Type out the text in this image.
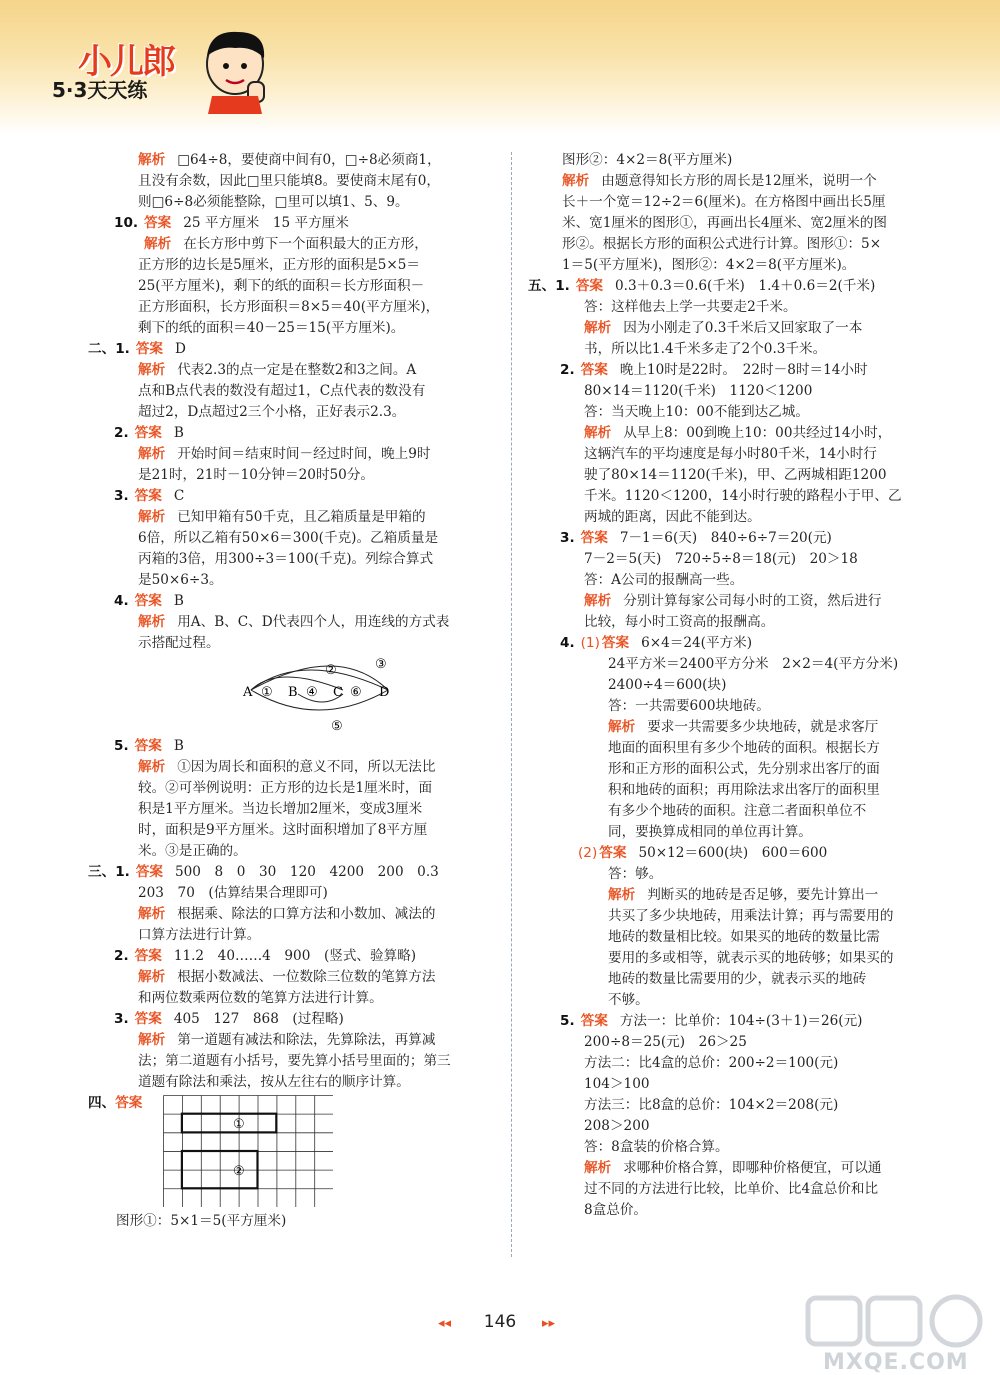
小儿郎
5·3天天练
解析 □64÷8，要使商中间有0，□÷8必须商1，
且没有余数，因此□里只能填8。要使商末尾有0，
则□6÷8必须能整除，□里可以填1、5、9。
10. 答案 25 平方厘米　15 平方厘米
解析 在长方形中剪下一个面积最大的正方形，
正方形的边长是5厘米，正方形的面积是5×5＝
25(平方厘米)，剩下的纸的面积＝长方形面积－
正方形面积，长方形面积＝8×5＝40(平方厘米)，
剩下的纸的面积＝40－25＝15(平方厘米)。
二、1. 答案 D
解析 代表2.3的点一定是在整数2和3之间。A
点和B点代表的数没有超过1，C点代表的数没有
超过2，D点超过2三个小格，正好表示2.3。
2. 答案 B
解析 开始时间＝结束时间－经过时间，晚上9时
是21时，21时－10分钟＝20时50分。
3. 答案 C
解析 已知甲箱有50千克，且乙箱质量是甲箱的
6倍，所以乙箱有50×6＝300(千克)。乙箱质量是
丙箱的3倍，用300÷3＝100(千克)。列综合算式
是50×6÷3。
4. 答案 B
解析 用A、B、C、D代表四个人，用连线的方式表
示搭配过程。
A ① B ④ C ⑥ D
②	③
⑤
5. 答案 B
解析 ①因为周长和面积的意义不同，所以无法比
较。②可举例说明：正方形的边长是1厘米时，面
积是1平方厘米。当边长增加2厘米，变成3厘米
时，面积是9平方厘米。这时面积增加了8平方厘
米。③是正确的。
三、1. 答案 500　8　0　30　120　4200　200　0.3
203　70　(估算结果合理即可)
解析 根据乘、除法的口算方法和小数加、减法的
口算方法进行计算。
2. 答案 11.2　40……4　900　(竖式、验算略)
解析 根据小数减法、一位数除三位数的笔算方法
和两位数乘两位数的笔算方法进行计算。
3. 答案 405　127　868　(过程略)
解析 第一道题有减法和除法，先算除法，再算减
法；第二道题有小括号，要先算小括号里面的；第三
道题有除法和乘法，按从左往右的顺序计算。
四、答案
①
②
图形①：5×1＝5(平方厘米)
图形②：4×2＝8(平方厘米)
解析 由题意得知长方形的周长是12厘米，说明一个
长＋一个宽＝12÷2＝6(厘米)。在方格图中画出长5厘
米、宽1厘米的图形①，再画出长4厘米、宽2厘米的图
形②。根据长方形的面积公式进行计算。图形①：5×
1＝5(平方厘米)，图形②：4×2＝8(平方厘米)。
五、1. 答案 0.3＋0.3＝0.6(千米)　1.4＋0.6＝2(千米)
答：这样他去上学一共要走2千米。
解析 因为小刚走了0.3千米后又回家取了一本
书，所以比1.4千米多走了2个0.3千米。
2. 答案 晚上10时是22时。　22时－8时＝14小时
80×14＝1120(千米)　1120＜1200
答：当天晚上10：00不能到达乙城。
解析 从早上8：00到晚上10：00共经过14小时，
这辆汽车的平均速度是每小时80千米，14小时行
驶了80×14＝1120(千米)，甲、乙两城相距1200
千米。1120＜1200，14小时行驶的路程小于甲、乙
两城的距离，因此不能到达。
3. 答案 7－1＝6(天)　840÷6÷7＝20(元)
7－2＝5(天)　720÷5÷8＝18(元)　20＞18
答：A公司的报酬高一些。
解析 分别计算每家公司每小时的工资，然后进行
比较，每小时工资高的报酬高。
4. (1) 答案 6×4＝24(平方米)
24平方米＝2400平方分米　2×2＝4(平方分米)
2400÷4＝600(块)
答：一共需要600块地砖。
解析 要求一共需要多少块地砖，就是求客厅
地面的面积里有多少个地砖的面积。根据长方
形和正方形的面积公式，先分别求出客厅的面
积和地砖的面积；再用除法求出客厅的面积里
有多少个地砖的面积。注意二者面积单位不
同，要换算成相同的单位再计算。
(2) 答案 50×12＝600(块)　600＝600
答：够。
解析 判断买的地砖是否足够，要先计算出一
共买了多少块地砖，用乘法计算；再与需要用的
地砖的数量相比较。如果买的地砖的数量比需
要用的多或相等，就表示买的地砖够；如果买的
地砖的数量比需要用的少，就表示买的地砖
不够。
5. 答案 方法一：比单价：104÷(3＋1)＝26(元)
200÷8＝25(元)　26＞25
方法二：比4盒的总价：200÷2＝100(元)
104＞100
方法三：比8盒的总价：104×2＝208(元)
208＞200
答：8盒装的价格合算。
解析 求哪种价格合算，即哪种价格便宜，可以通
过不同的方法进行比较，比单价、比4盒总价和比
8盒总价。
◂◂	146	▸▸
MXQE.COM
